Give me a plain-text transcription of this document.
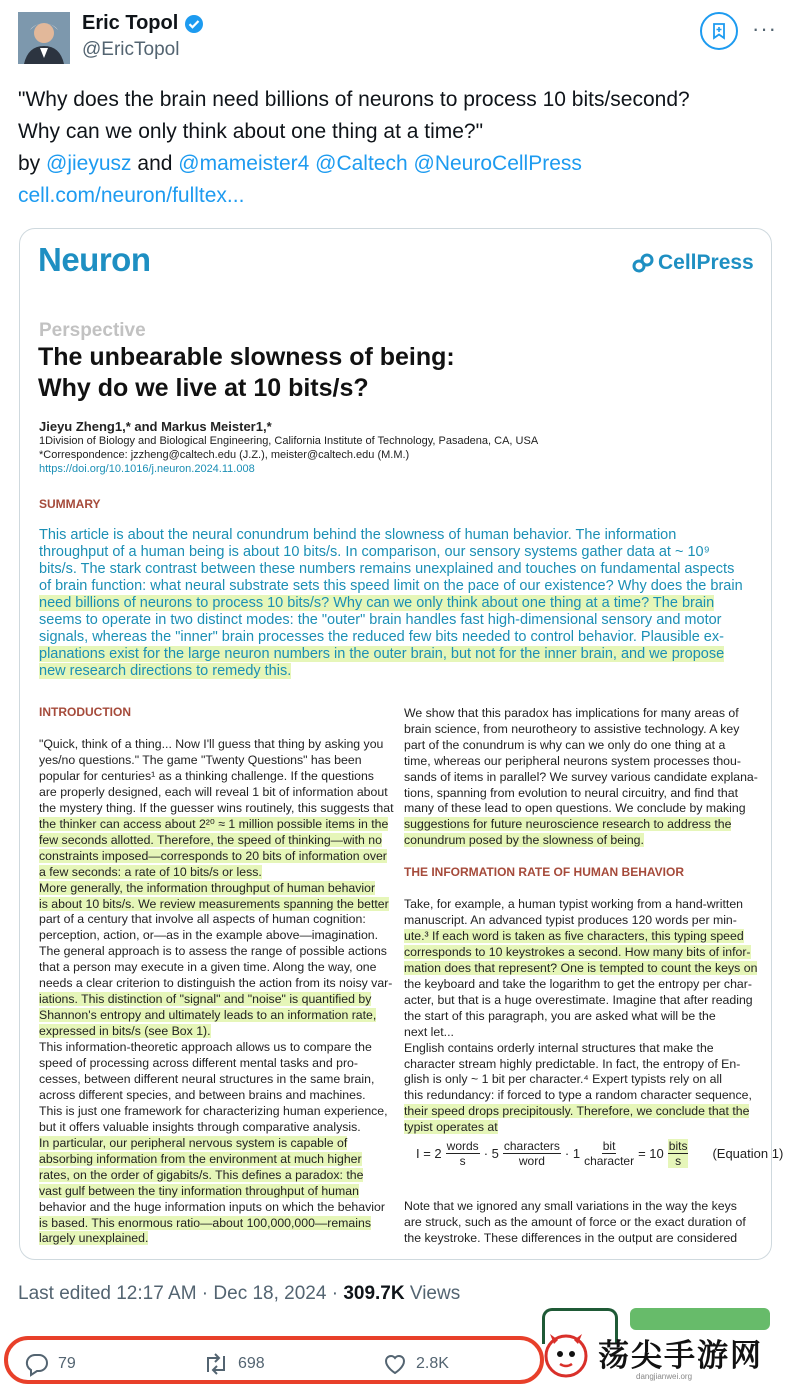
Eric Topol
@EricTopol
···
"Why does the brain need billions of neurons to process 10 bits/second?
Why can we only think about one thing at a time?"
by @jieyusz and @mameister4 @Caltech @NeuroCellPress
cell.com/neuron/fulltex...
Neuron	CellPress
Perspective
The unbearable slowness of being:
Why do we live at 10 bits/s?
Jieyu Zheng1,* and Markus Meister1,*
1Division of Biology and Biological Engineering, California Institute of Technology, Pasadena, CA, USA
*Correspondence: jzzheng@caltech.edu (J.Z.), meister@caltech.edu (M.M.)
https://doi.org/10.1016/j.neuron.2024.11.008
SUMMARY
This article is about the neural conundrum behind the slowness of human behavior. The information
throughput of a human being is about 10 bits/s. In comparison, our sensory systems gather data at ~ 10⁹
bits/s. The stark contrast between these numbers remains unexplained and touches on fundamental aspects
of brain function: what neural substrate sets this speed limit on the pace of our existence? Why does the brain
need billions of neurons to process 10 bits/s? Why can we only think about one thing at a time? The brain
seems to operate in two distinct modes: the "outer" brain handles fast high-dimensional sensory and motor
signals, whereas the "inner" brain processes the reduced few bits needed to control behavior. Plausible ex-
planations exist for the large neuron numbers in the outer brain, but not for the inner brain, and we propose
new research directions to remedy this.
INTRODUCTION
"Quick, think of a thing... Now I'll guess that thing by asking you
yes/no questions." The game "Twenty Questions" has been
popular for centuries¹ as a thinking challenge. If the questions
are properly designed, each will reveal 1 bit of information about
the mystery thing. If the guesser wins routinely, this suggests that
the thinker can access about 2²⁰ ≈ 1 million possible items in the
few seconds allotted. Therefore, the speed of thinking—with no
constraints imposed—corresponds to 20 bits of information over
a few seconds: a rate of 10 bits/s or less.
More generally, the information throughput of human behavior
is about 10 bits/s. We review measurements spanning the better
part of a century that involve all aspects of human cognition:
perception, action, or—as in the example above—imagination.
The general approach is to assess the range of possible actions
that a person may execute in a given time. Along the way, one
needs a clear criterion to distinguish the action from its noisy var-
iations. This distinction of "signal" and "noise" is quantified by
Shannon's entropy and ultimately leads to an information rate,
expressed in bits/s (see Box 1).
This information-theoretic approach allows us to compare the
speed of processing across different mental tasks and pro-
cesses, between different neural structures in the same brain,
across different species, and between brains and machines.
This is just one framework for characterizing human experience,
but it offers valuable insights through comparative analysis.
In particular, our peripheral nervous system is capable of
absorbing information from the environment at much higher
rates, on the order of gigabits/s. This defines a paradox: the
vast gulf between the tiny information throughput of human
behavior and the huge information inputs on which the behavior
is based. This enormous ratio—about 100,000,000—remains
largely unexplained.
We show that this paradox has implications for many areas of
brain science, from neurotheory to assistive technology. A key
part of the conundrum is why can we only do one thing at a
time, whereas our peripheral neurons system processes thou-
sands of items in parallel? We survey various candidate explana-
tions, spanning from evolution to neural circuitry, and find that
many of these lead to open questions. We conclude by making
suggestions for future neuroscience research to address the
conundrum posed by the slowness of being.
THE INFORMATION RATE OF HUMAN BEHAVIOR
Take, for example, a human typist working from a hand-written
manuscript. An advanced typist produces 120 words per min-
ute.³ If each word is taken as five characters, this typing speed
corresponds to 10 keystrokes a second. How many bits of infor-
mation does that represent? One is tempted to count the keys on
the keyboard and take the logarithm to get the entropy per char-
acter, but that is a huge overestimate. Imagine that after reading
the start of this paragraph, you are asked what will be the
next let...
English contains orderly internal structures that make the
character stream highly predictable. In fact, the entropy of En-
glish is only ~ 1 bit per character.⁴ Expert typists rely on all
this redundancy: if forced to type a random character sequence,
their speed drops precipitously. Therefore, we conclude that the
typist operates at
I = 2 words
s · 5 characters
word · 1 bit
character = 10 bits
s (Equation 1)
Note that we ignored any small variations in the way the keys
are struck, such as the amount of force or the exact duration of
the keystroke. These differences in the output are considered
Last edited 12:17 AM · Dec 18, 2024 · 309.7K Views
79	698	2.8K	荡尖手游网
dangjianwei.org
